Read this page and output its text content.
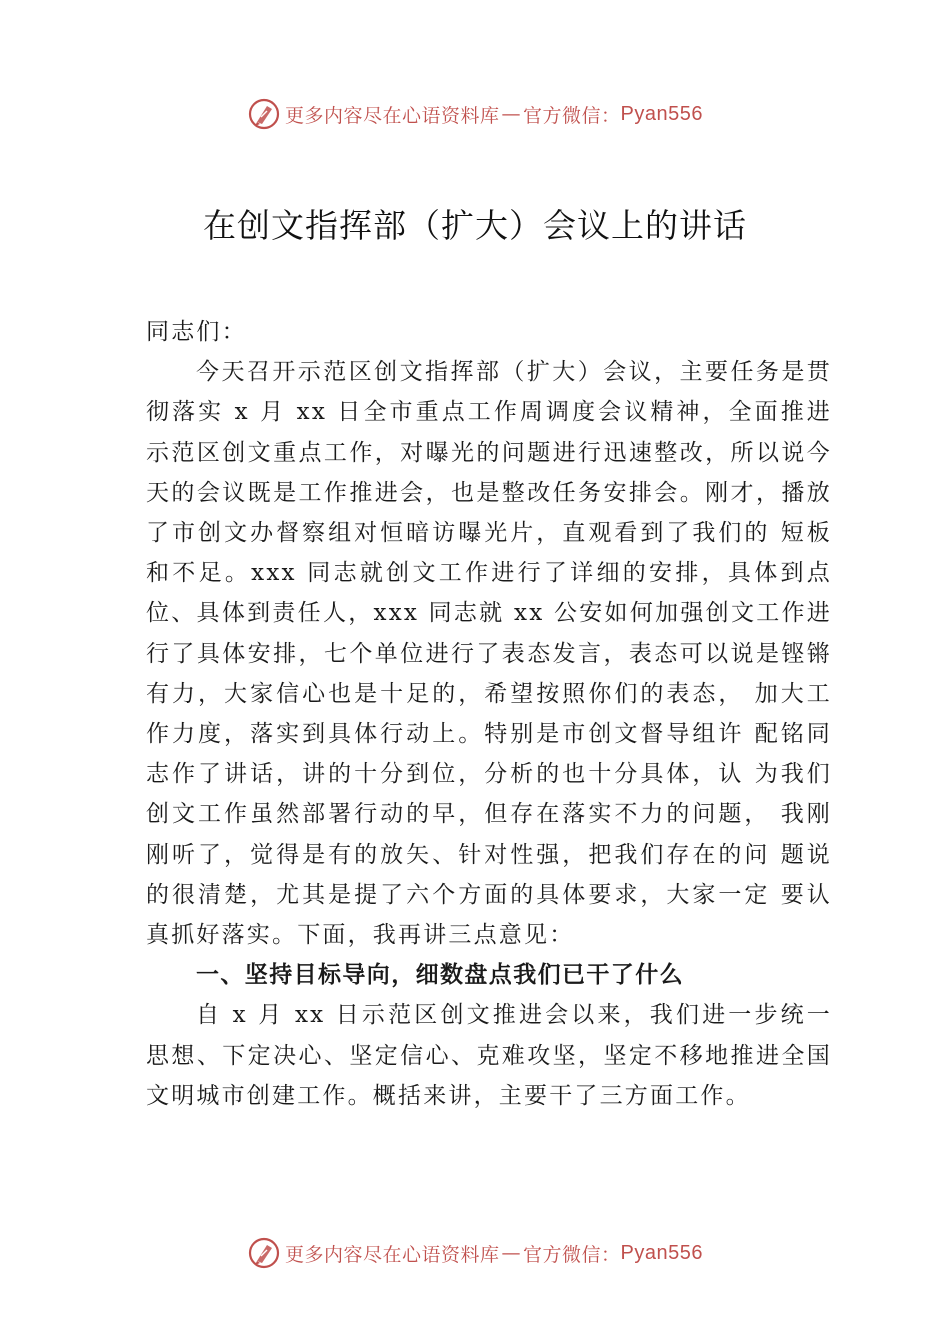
更多内容尽在心语资料库 — 官方微信： Pyan556
在创文指挥部（扩大）会议上的讲话

同志们：

今天召开示范区创文指挥部（扩大）会议，主要任务是贯彻落实 x 月 xx 日全市重点工作周调度会议精神，全面推进示范区创文重点工作，对曝光的问题进行迅速整改，所以说今天的会议既是工作推进会，也是整改任务安排会。刚才，播放了市创文办督察组对恒暗访曝光片，直观看到了我们的 短板和不足。xxx 同志就创文工作进行了详细的安排，具体到点位、具体到责任人，xxx 同志就 xx 公安如何加强创文工作进行了具体安排，七个单位进行了表态发言，表态可以说是铿锵有力，大家信心也是十足的，希望按照你们的表态， 加大工作力度，落实到具体行动上。特别是市创文督导组许 配铭同志作了讲话，讲的十分到位，分析的也十分具体，认 为我们创文工作虽然部署行动的早，但存在落实不力的问题， 我刚刚听了，觉得是有的放矢、针对性强，把我们存在的问 题说的很清楚，尤其是提了六个方面的具体要求，大家一定 要认真抓好落实。下面，我再讲三点意见：

一、坚持目标导向，细数盘点我们已干了什么

自 x 月 xx 日示范区创文推进会以来，我们进一步统一思想、下定决心、坚定信心、克难攻坚，坚定不移地推进全国文明城市创建工作。概括来讲，主要干了三方面工作。

更多内容尽在心语资料库 — 官方微信： Pyan556
